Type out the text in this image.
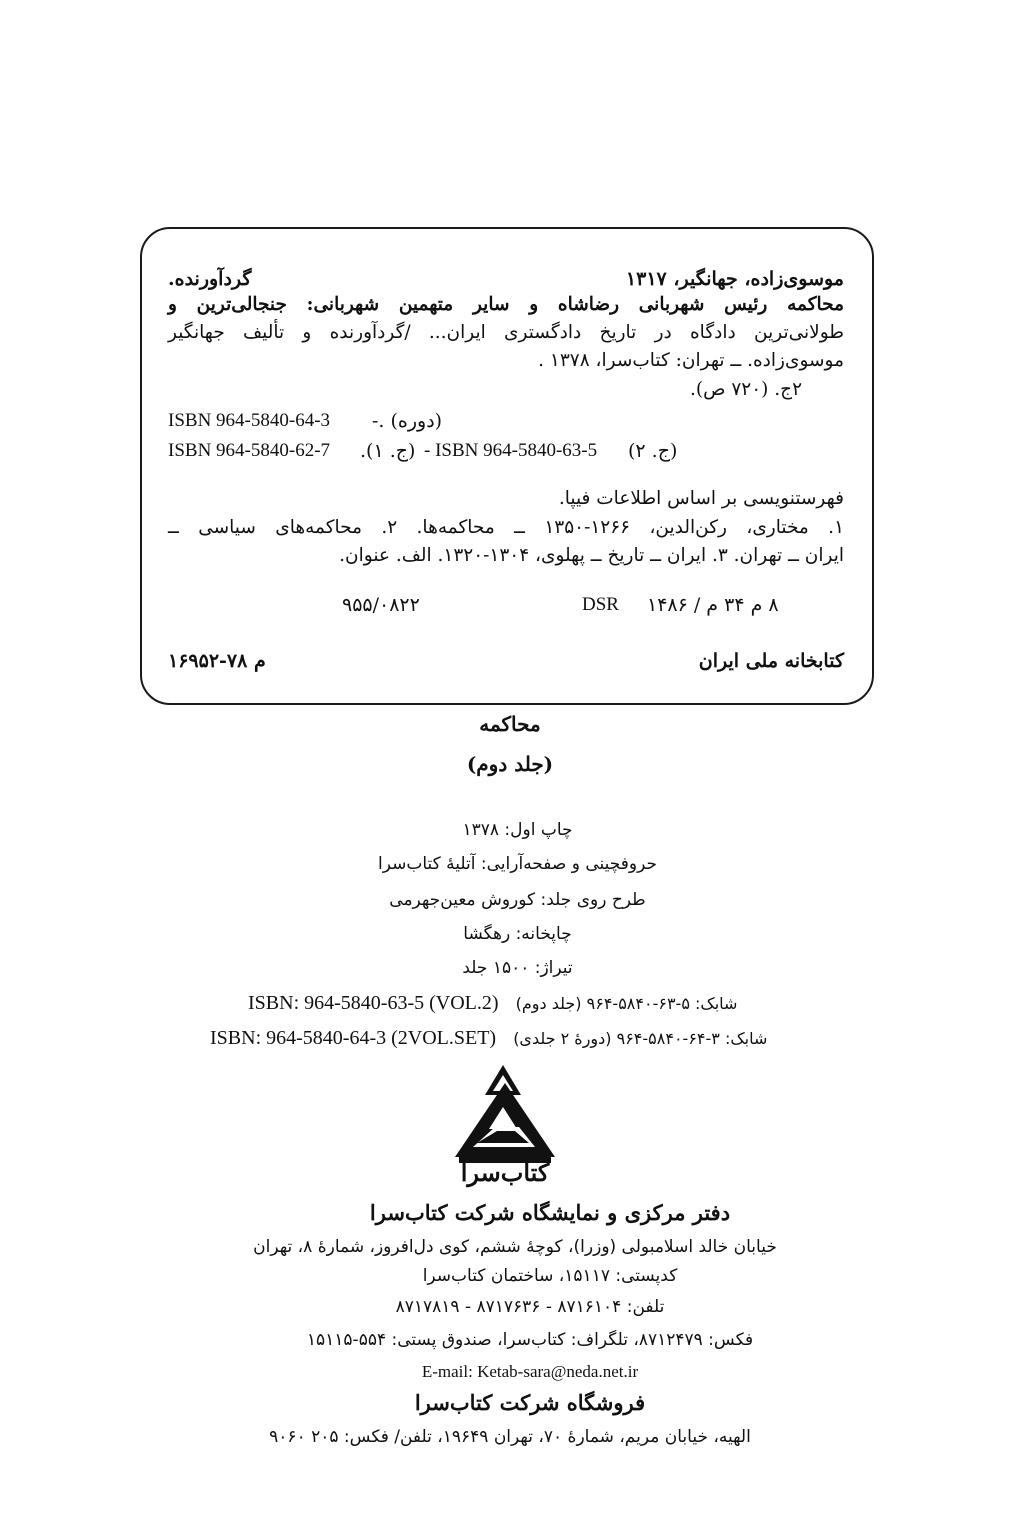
موسوی‌زاده، جهانگیر، ۱۳۱۷
گردآورنده.
محاکمه رئیس شهربانی رضاشاه و سایر متهمین شهربانی: جنجالی‌ترین و
طولانی‌ترین دادگاه در تاریخ دادگستری ایران... /گردآورنده و تألیف جهانگیر
موسوی‌زاده. ــ تهران: کتاب‌سرا، ۱۳۷۸ .
۲ج. (۷۲۰ ص).
ISBN 964-5840-64-3 (دوره) .-
ISBN 964-5840-62-7 (ج. ۱). - ISBN 964-5840-63-5 (ج. ۲)
فهرستنویسی بر اساس اطلاعات فیپا.
۱. مختاری، رکن‌الدین، ۱۲۶۶-۱۳۵۰ ــ محاکمه‌ها. ۲. محاکمه‌های سیاسی ــ
ایران ــ تهران. ۳. ایران ــ تاریخ ــ پهلوی، ۱۳۰۴-۱۳۲۰. الف. عنوان.
۸ م ۳۴ م / ۱۴۸۶
DSR
۹۵۵/۰۸۲۲
کتابخانه ملی ایران
م ۷۸-۱۶۹۵۲
محاکمه
(جلد دوم)
چاپ اول: ۱۳۷۸
حروفچینی و صفحه‌آرایی: آتلیهٔ کتاب‌سرا
طرح روی جلد: کوروش معین‌جهرمی
چاپخانه: رهگشا
تیراژ: ۱۵۰۰ جلد
ISBN: 964-5840-63-5 (VOL.2) شابک: ۵-۶۳-۵۸۴۰-۹۶۴ (جلد دوم)
ISBN: 964-5840-64-3 (2VOL.SET) شابک: ۳-۶۴-۵۸۴۰-۹۶۴ (دورهٔ ۲ جلدی)
کتاب‌سرا
دفتر مرکزی و نمایشگاه شرکت کتاب‌سرا
خیابان خالد اسلامبولی (وزرا)، کوچهٔ ششم، کوی دل‌افروز، شمارهٔ ۸، تهران
کدپستی: ۱۵۱۱۷، ساختمان کتاب‌سرا
تلفن: ۸۷۱۶۱۰۴ - ۸۷۱۷۶۳۶ - ۸۷۱۷۸۱۹
فکس: ۸۷۱۲۴۷۹، تلگراف: کتاب‌سرا، صندوق پستی: ۵۵۴-۱۵۱۱۵
E-mail: Ketab-sara@neda.net.ir
فروشگاه شرکت کتاب‌سرا
الهیه، خیابان مریم، شمارهٔ ۷۰، تهران ۱۹۶۴۹، تلفن/ فکس: ۲۰۵ ۹۰۶۰
